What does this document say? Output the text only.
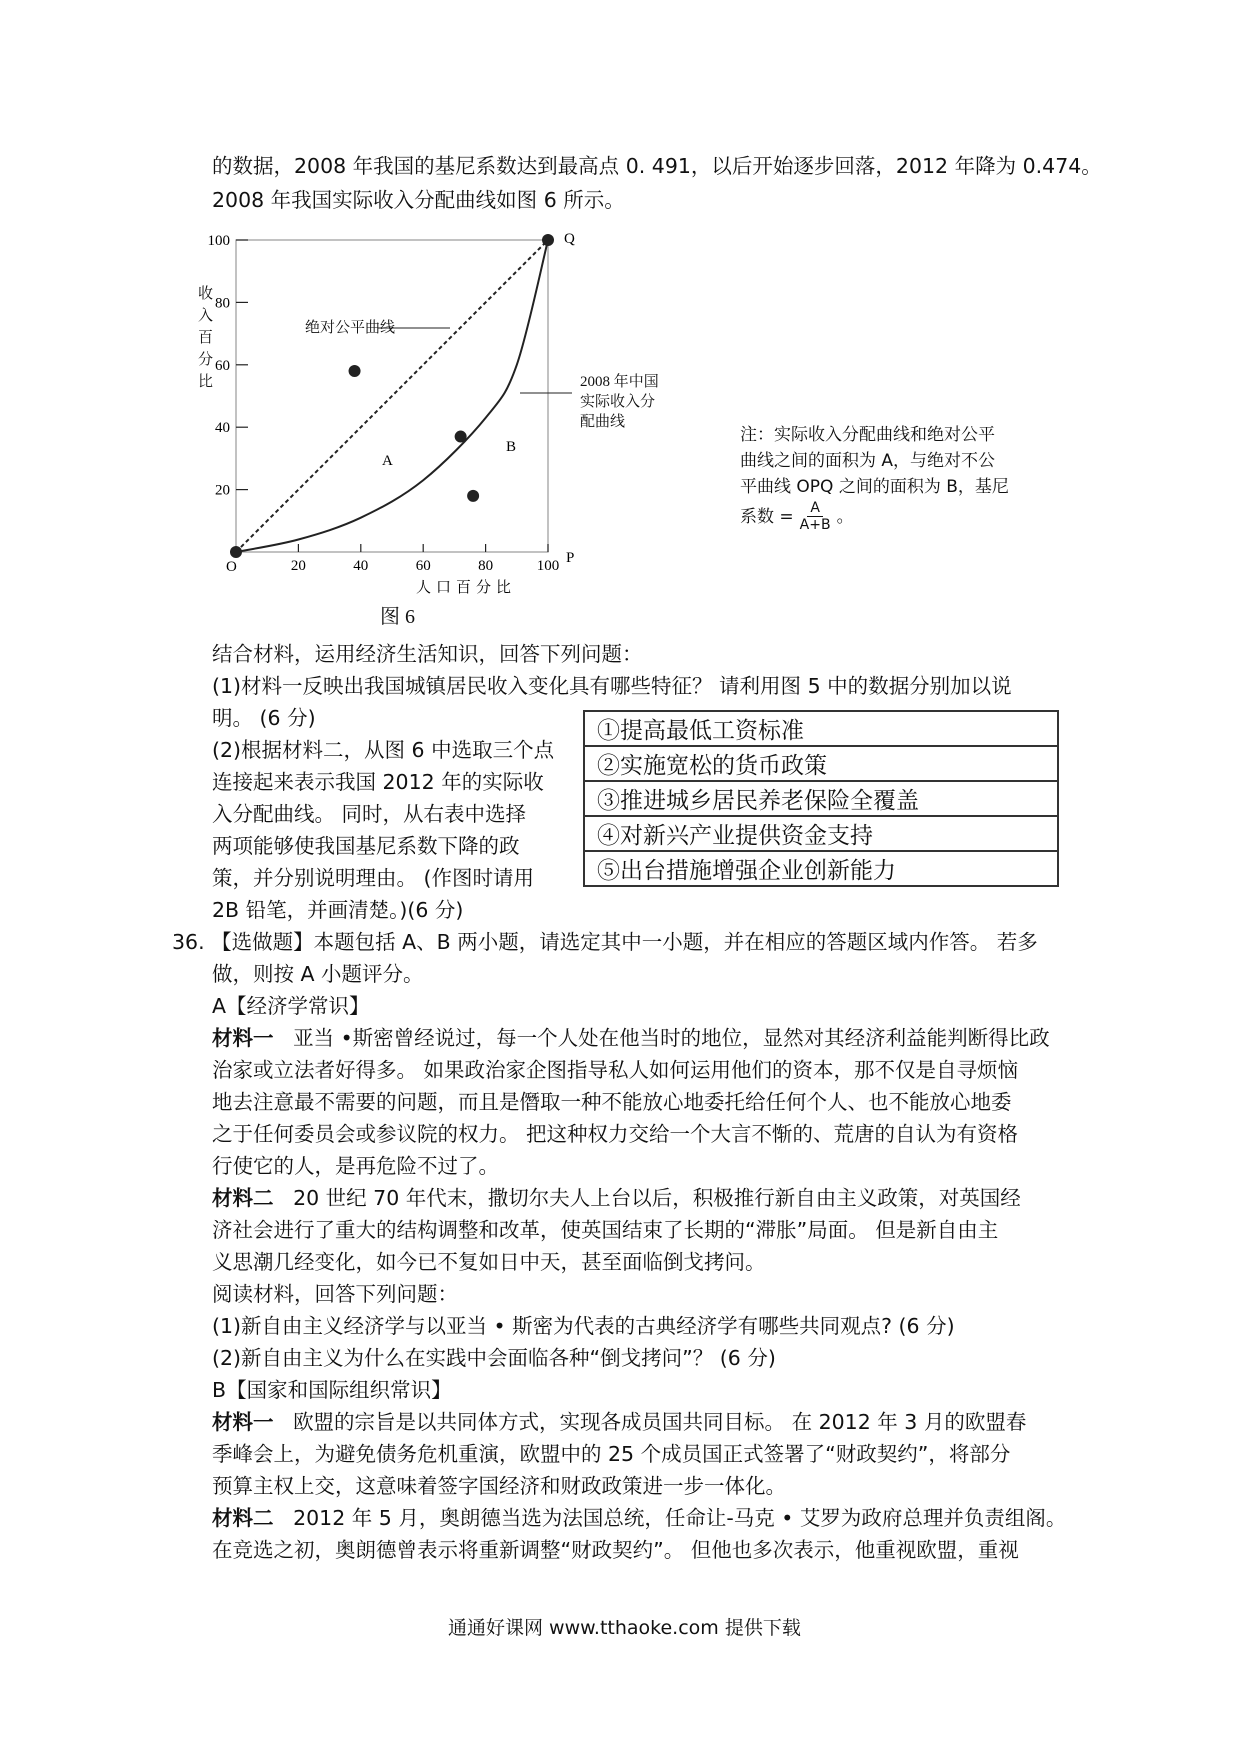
的数据，2008 年我国的基尼系数达到最高点 0. 491，以后开始逐步回落，2012 年降为 0.474。
2008 年我国实际收入分配曲线如图 6 所示。
20
40
60
80
100
20	40	60	80	100
O
P
Q
A
B
人口百分比
收入百分比
绝对公平曲线
2008 年中国
实际收入分
配曲线
图 6
注：实际收入分配曲线和绝对公平
曲线之间的面积为 A，与绝对不公
平曲线 OPQ 之间的面积为 B，基尼
系数 = $\frac{A}{A+B}$ 。
结合材料，运用经济生活知识，回答下列问题：
(1)材料一反映出我国城镇居民收入变化具有哪些特征？ 请利用图 5 中的数据分别加以说
明。 (6 分)
(2)根据材料二，从图 6 中选取三个点
连接起来表示我国 2012 年的实际收
入分配曲线。 同时，从右表中选择
两项能够使我国基尼系数下降的政
策，并分别说明理由。 (作图时请用
2B 铅笔，并画清楚。)(6 分)
①提高最低工资标准
②实施宽松的货币政策
③推进城乡居民养老保险全覆盖
④对新兴产业提供资金支持
⑤出台措施增强企业创新能力
36. 【选做题】本题包括 A、B 两小题，请选定其中一小题，并在相应的答题区域内作答。 若多
做，则按 A 小题评分。
A【经济学常识】
材料一 亚当 •斯密曾经说过，每一个人处在他当时的地位，显然对其经济利益能判断得比政
治家或立法者好得多。 如果政治家企图指导私人如何运用他们的资本，那不仅是自寻烦恼
地去注意最不需要的问题，而且是僭取一种不能放心地委托给任何个人、也不能放心地委
之于任何委员会或参议院的权力。 把这种权力交给一个大言不惭的、荒唐的自认为有资格
行使它的人，是再危险不过了。
材料二 20 世纪 70 年代末，撒切尔夫人上台以后，积极推行新自由主义政策，对英国经
济社会进行了重大的结构调整和改革，使英国结束了长期的“滞胀”局面。 但是新自由主
义思潮几经变化，如今已不复如日中天，甚至面临倒戈拷问。
阅读材料，回答下列问题：
(1)新自由主义经济学与以亚当 • 斯密为代表的古典经济学有哪些共同观点? (6 分)
(2)新自由主义为什么在实践中会面临各种“倒戈拷问”？ (6 分)
B【国家和国际组织常识】
材料一 欧盟的宗旨是以共同体方式，实现各成员国共同目标。 在 2012 年 3 月的欧盟春
季峰会上，为避免债务危机重演，欧盟中的 25 个成员国正式签署了“财政契约”，将部分
预算主权上交，这意味着签字国经济和财政政策进一步一体化。
材料二 2012 年 5 月，奥朗德当选为法国总统，任命让-马克 • 艾罗为政府总理并负责组阁。
在竞选之初，奥朗德曾表示将重新调整“财政契约”。 但他也多次表示，他重视欧盟，重视
通通好课网 www.tthaoke.com 提供下载
